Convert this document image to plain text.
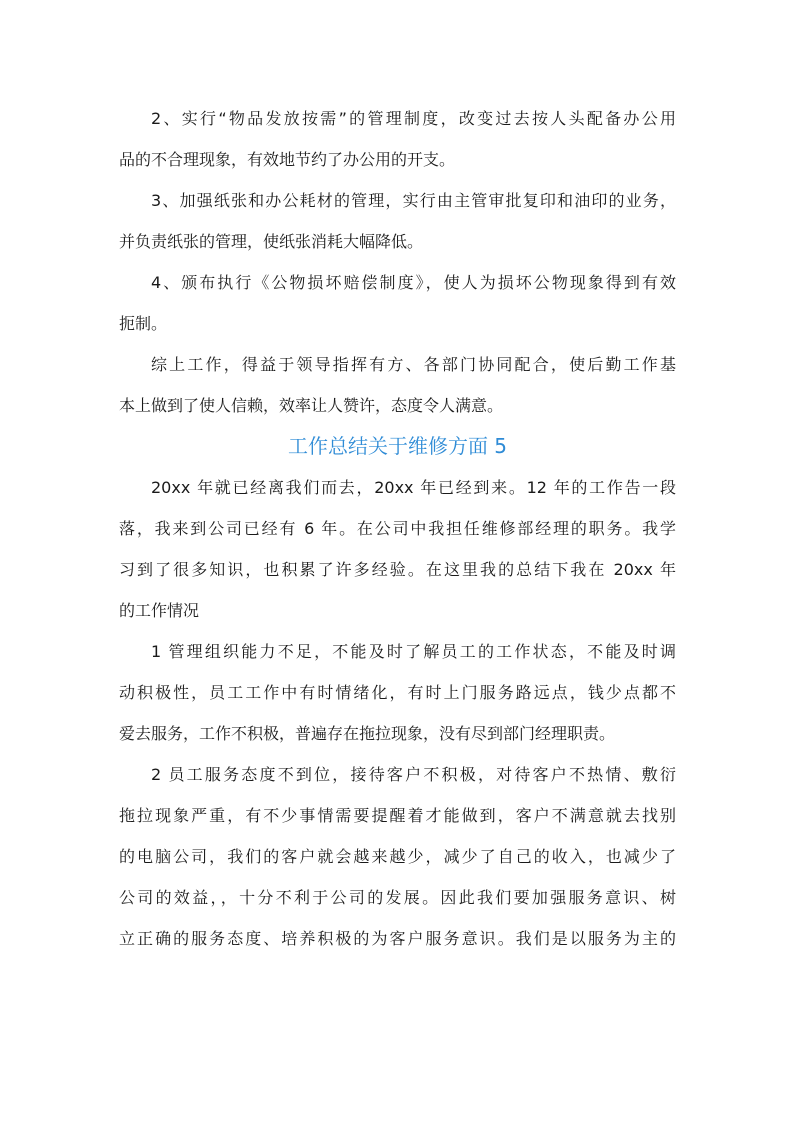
2、实行“物品发放按需”的管理制度，改变过去按人头配备办公用
品的不合理现象，有效地节约了办公用的开支。
3、加强纸张和办公耗材的管理，实行由主管审批复印和油印的业务，
并负责纸张的管理，使纸张消耗大幅降低。
4、颁布执行《公物损坏赔偿制度》，使人为损坏公物现象得到有效
扼制。
综上工作，得益于领导指挥有方、各部门协同配合，使后勤工作基
本上做到了使人信赖，效率让人赞许，态度令人满意。
工作总结关于维修方面 5
20xx 年就已经离我们而去，20xx 年已经到来。12 年的工作告一段
落，我来到公司已经有 6 年。在公司中我担任维修部经理的职务。我学
习到了很多知识，也积累了许多经验。在这里我的总结下我在 20xx 年
的工作情况
1 管理组织能力不足，不能及时了解员工的工作状态，不能及时调
动积极性，员工工作中有时情绪化，有时上门服务路远点，钱少点都不
爱去服务，工作不积极，普遍存在拖拉现象，没有尽到部门经理职责。
2 员工服务态度不到位，接待客户不积极，对待客户不热情、敷衍
拖拉现象严重，有不少事情需要提醒着才能做到，客户不满意就去找别
的电脑公司，我们的客户就会越来越少，减少了自己的收入，也减少了
公司的效益，，十分不利于公司的发展。因此我们要加强服务意识、树
立正确的服务态度、培养积极的为客户服务意识。我们是以服务为主的
